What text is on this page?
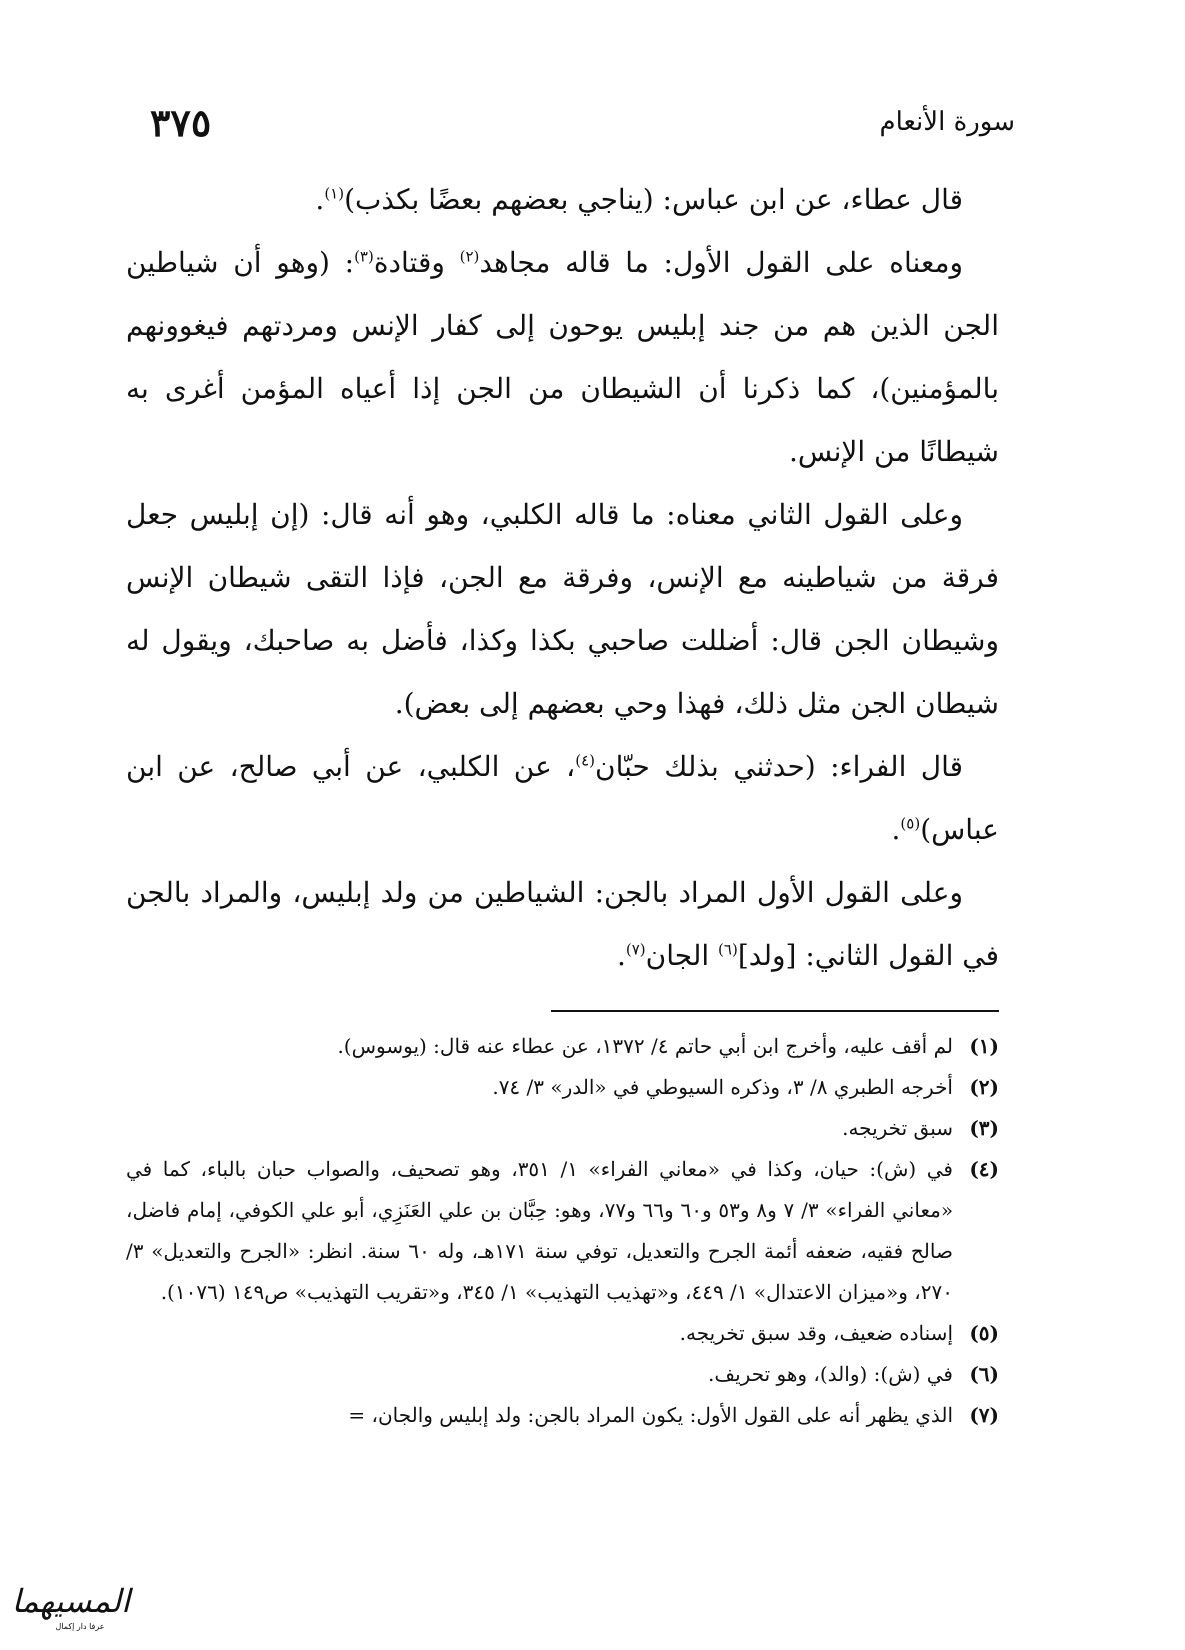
٣٧٥	سورة الأنعام

قال عطاء، عن ابن عباس: (يناجي بعضهم بعضًا بكذب)$^{(١)}$.

ومعناه على القول الأول: ما قاله مجاهد$^{(٢)}$ وقتادة$^{(٣)}$: (وهو أن شياطين الجن الذين هم من جند إبليس يوحون إلى كفار الإنس ومردتهم فيغوونهم بالمؤمنين)، كما ذكرنا أن الشيطان من الجن إذا أعياه المؤمن أغرى به شيطانًا من الإنس.

وعلى القول الثاني معناه: ما قاله الكلبي، وهو أنه قال: (إن إبليس جعل فرقة من شياطينه مع الإنس، وفرقة مع الجن، فإذا التقى شيطان الإنس وشيطان الجن قال: أضللت صاحبي بكذا وكذا، فأضل به صاحبك، ويقول له شيطان الجن مثل ذلك، فهذا وحي بعضهم إلى بعض).

قال الفراء: (حدثني بذلك حبّان$^{(٤)}$، عن الكلبي، عن أبي صالح، عن ابن عباس)$^{(٥)}$.

وعلى القول الأول المراد بالجن: الشياطين من ولد إبليس، والمراد بالجن في القول الثاني: [ولد]$^{(٦)}$ الجان$^{(٧)}$.

(١)
لم أقف عليه، وأخرج ابن أبي حاتم ٤/ ١٣٧٢، عن عطاء عنه قال: (يوسوس).
(٢)
أخرجه الطبري ٨/ ٣، وذكره السيوطي في «الدر» ٣/ ٧٤.
(٣)
سبق تخريجه.
(٤)
في (ش): حيان، وكذا في «معاني الفراء» ١/ ٣٥١، وهو تصحيف، والصواب حبان بالباء، كما في «معاني الفراء» ٣/ ٧ و٨ و٥٣ و٦٠ و٦٦ و٧٧، وهو: حِبَّان بن علي العَنَزِي، أبو علي الكوفي، إمام فاضل، صالح فقيه، ضعفه أئمة الجرح والتعديل، توفي سنة ١٧١هـ، وله ٦٠ سنة. انظر: «الجرح والتعديل» ٣/ ٢٧٠، و«ميزان الاعتدال» ١/ ٤٤٩، و«تهذيب التهذيب» ١/ ٣٤٥، و«تقريب التهذيب» ص١٤٩ (١٠٧٦).
(٥)
إسناده ضعيف، وقد سبق تخريجه.
(٦)
في (ش): (والد)، وهو تحريف.
(٧)
الذي يظهر أنه على القول الأول: يكون المراد بالجن: ولد إبليس والجان، =
المسيهما
عرفا دار إكمال
